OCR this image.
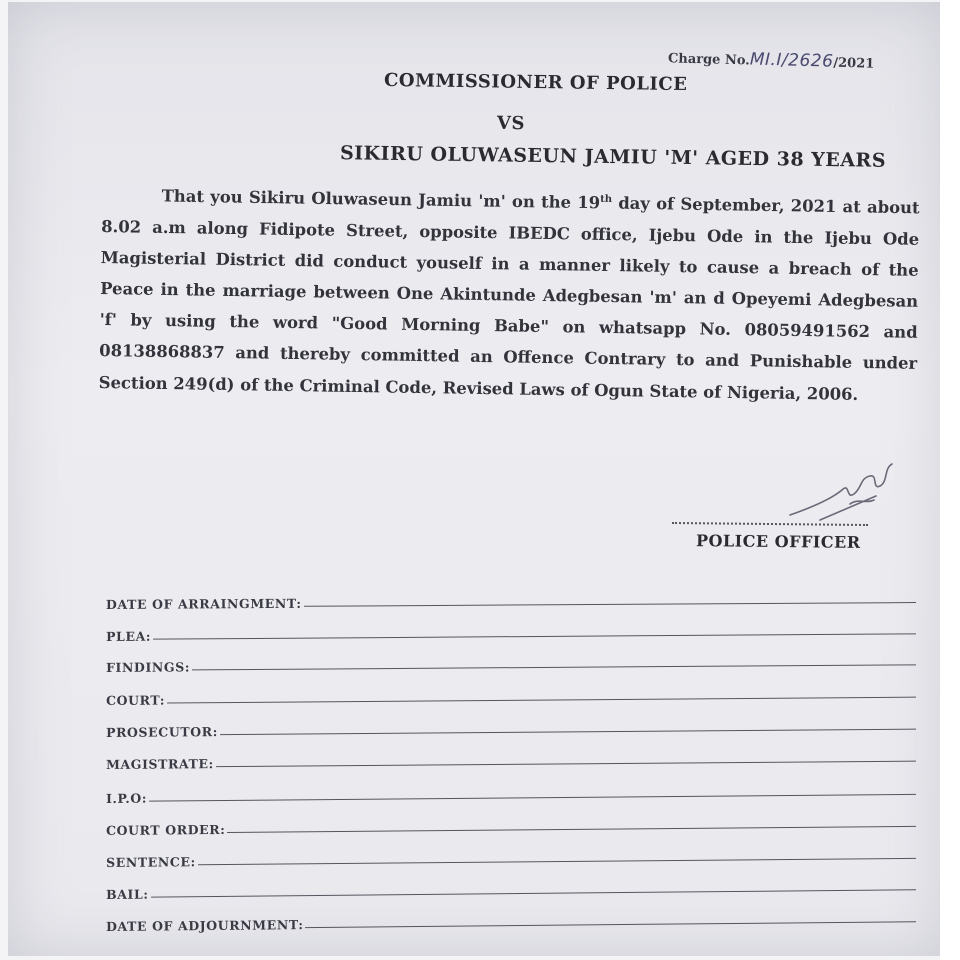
Charge No.MI.I/2626/2021
COMMISSIONER OF POLICE
VS
SIKIRU OLUWASEUN JAMIU 'M' AGED 38 YEARS
That you Sikiru Oluwaseun Jamiu 'm' on the 19th day of September, 2021 at about 8.02 a.m along Fidipote Street, opposite IBEDC office, Ijebu Ode in the Ijebu Ode Magisterial District did conduct youself in a manner likely to cause a breach of the Peace in the marriage between One Akintunde Adegbesan 'm' an d Opeyemi Adegbesan 'f' by using the word "Good Morning Babe" on whatsapp No. 08059491562 and 08138868837 and thereby committed an Offence Contrary to and Punishable under Section 249(d) of the Criminal Code, Revised Laws of Ogun State of Nigeria, 2006.
POLICE OFFICER
DATE OF ARRAINGMENT:
PLEA:
FINDINGS:
COURT:
PROSECUTOR:
MAGISTRATE:
I.P.O:
COURT ORDER:
SENTENCE:
BAIL:
DATE OF ADJOURNMENT:
